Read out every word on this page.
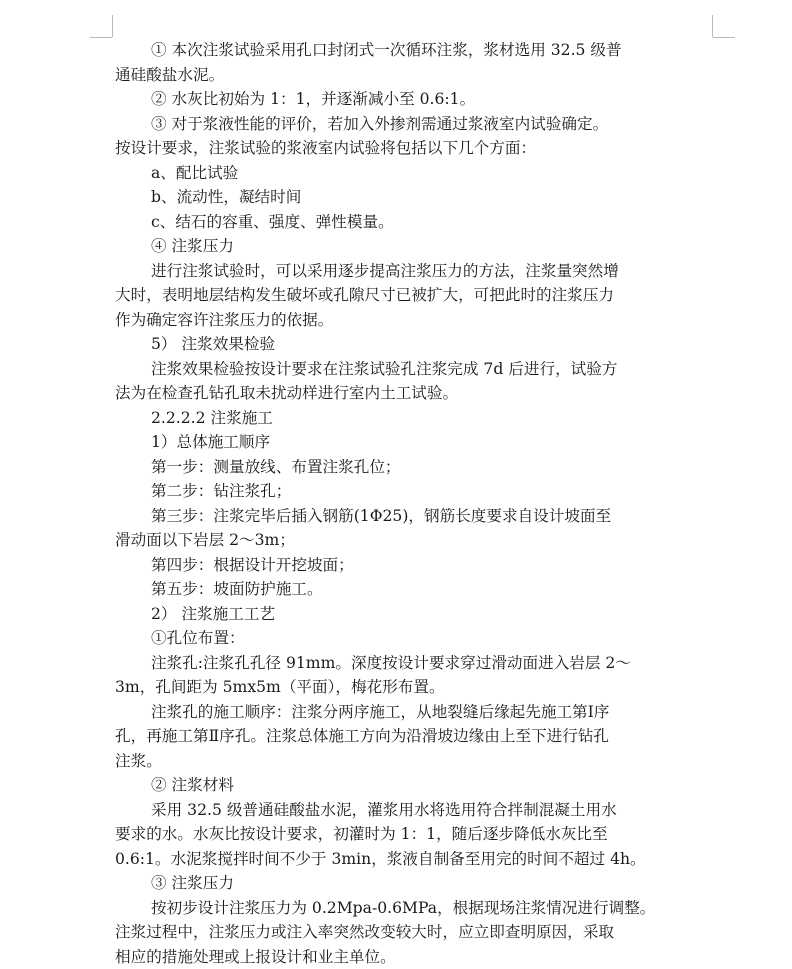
① 本次注浆试验采用孔口封闭式一次循环注浆，浆材选用 32.5 级普
通硅酸盐水泥。
② 水灰比初始为 1：1，并逐渐减小至 0.6:1。
③ 对于浆液性能的评价，若加入外掺剂需通过浆液室内试验确定。
按设计要求，注浆试验的浆液室内试验将包括以下几个方面：
a、配比试验
b、流动性，凝结时间
c、结石的容重、强度、弹性模量。
④ 注浆压力
进行注浆试验时，可以采用逐步提高注浆压力的方法，注浆量突然增
大时，表明地层结构发生破坏或孔隙尺寸已被扩大，可把此时的注浆压力
作为确定容许注浆压力的依据。
5） 注浆效果检验
注浆效果检验按设计要求在注浆试验孔注浆完成 7d 后进行，试验方
法为在检查孔钻孔取未扰动样进行室内土工试验。
2.2.2.2 注浆施工
1）总体施工顺序
第一步：测量放线、布置注浆孔位；
第二步：钻注浆孔；
第三步：注浆完毕后插入钢筋(1Φ25)，钢筋长度要求自设计坡面至
滑动面以下岩层 2～3m；
第四步：根据设计开挖坡面；
第五步：坡面防护施工。
2） 注浆施工工艺
①孔位布置：
注浆孔:注浆孔孔径 91mm。深度按设计要求穿过滑动面进入岩层 2～
3m，孔间距为 5mx5m（平面），梅花形布置。
注浆孔的施工顺序：注浆分两序施工，从地裂缝后缘起先施工第Ⅰ序
孔，再施工第Ⅱ序孔。注浆总体施工方向为沿滑坡边缘由上至下进行钻孔
注浆。
② 注浆材料
采用 32.5 级普通硅酸盐水泥，灌浆用水将选用符合拌制混凝土用水
要求的水。水灰比按设计要求，初灌时为 1：1，随后逐步降低水灰比至
0.6:1。水泥浆搅拌时间不少于 3min，浆液自制备至用完的时间不超过 4h。
③ 注浆压力
按初步设计注浆压力为 0.2Mpa-0.6MPa，根据现场注浆情况进行调整。
注浆过程中，注浆压力或注入率突然改变较大时，应立即查明原因，采取
相应的措施处理或上报设计和业主单位。
